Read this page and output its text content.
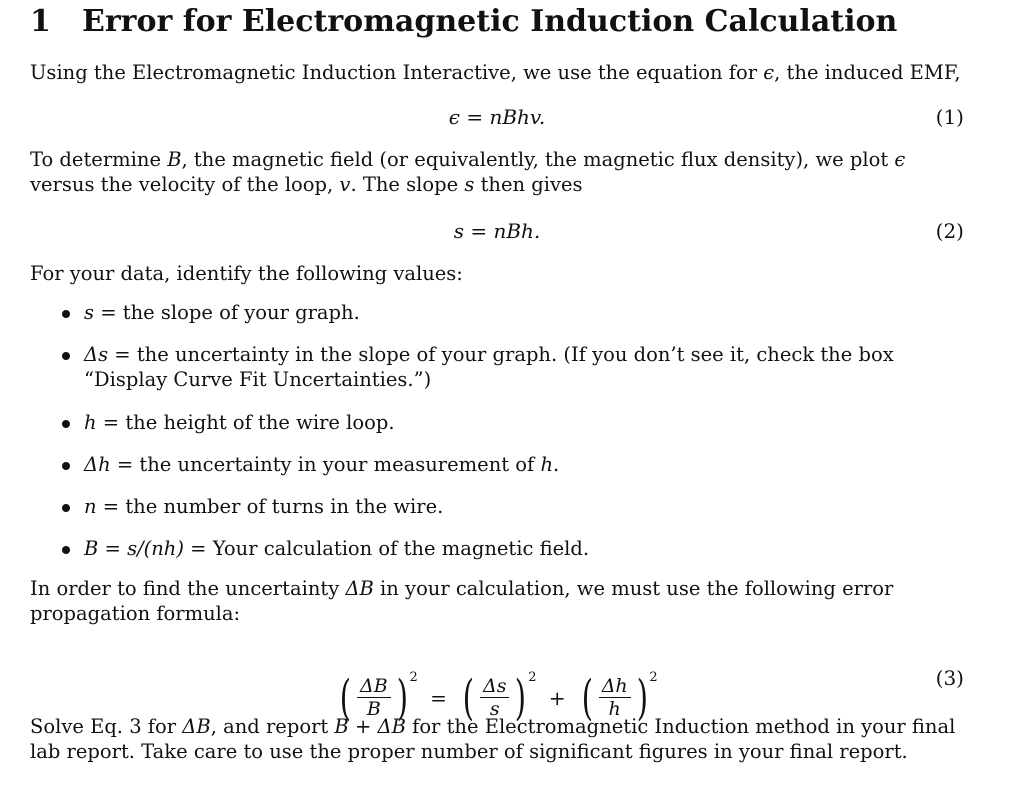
1 Error for Electromagnetic Induction Calculation

Using the Electromagnetic Induction Interactive, we use the equation for ϵ, the induced EMF,

ϵ = nBhv.	(1)

To determine B, the magnetic field (or equivalently, the magnetic flux density), we plot ϵ versus the velocity of the loop, v. The slope s then gives

s = nBh.	(2)

For your data, identify the following values:

s = the slope of your graph.
Δs = the uncertainty in the slope of your graph. (If you don’t see it, check the box “Display Curve Fit Uncertainties.”)
h = the height of the wire loop.
Δh = the uncertainty in your measurement of h.
n = the number of turns in the wire.
B = s/(nh) = Your calculation of the magnetic field.

In order to find the uncertainty ΔB in your calculation, we must use the following error propagation formula:

( $\frac{\Delta B}{B}$ ) $^2$ = ( $\frac{\Delta s}{s}$ ) $^2$ + ( $\frac{\Delta h}{h}$ ) $^2$	(3)

Solve Eq. 3 for ΔB, and report B + ΔB for the Electromagnetic Induction method in your final lab report. Take care to use the proper number of significant figures in your final report.
